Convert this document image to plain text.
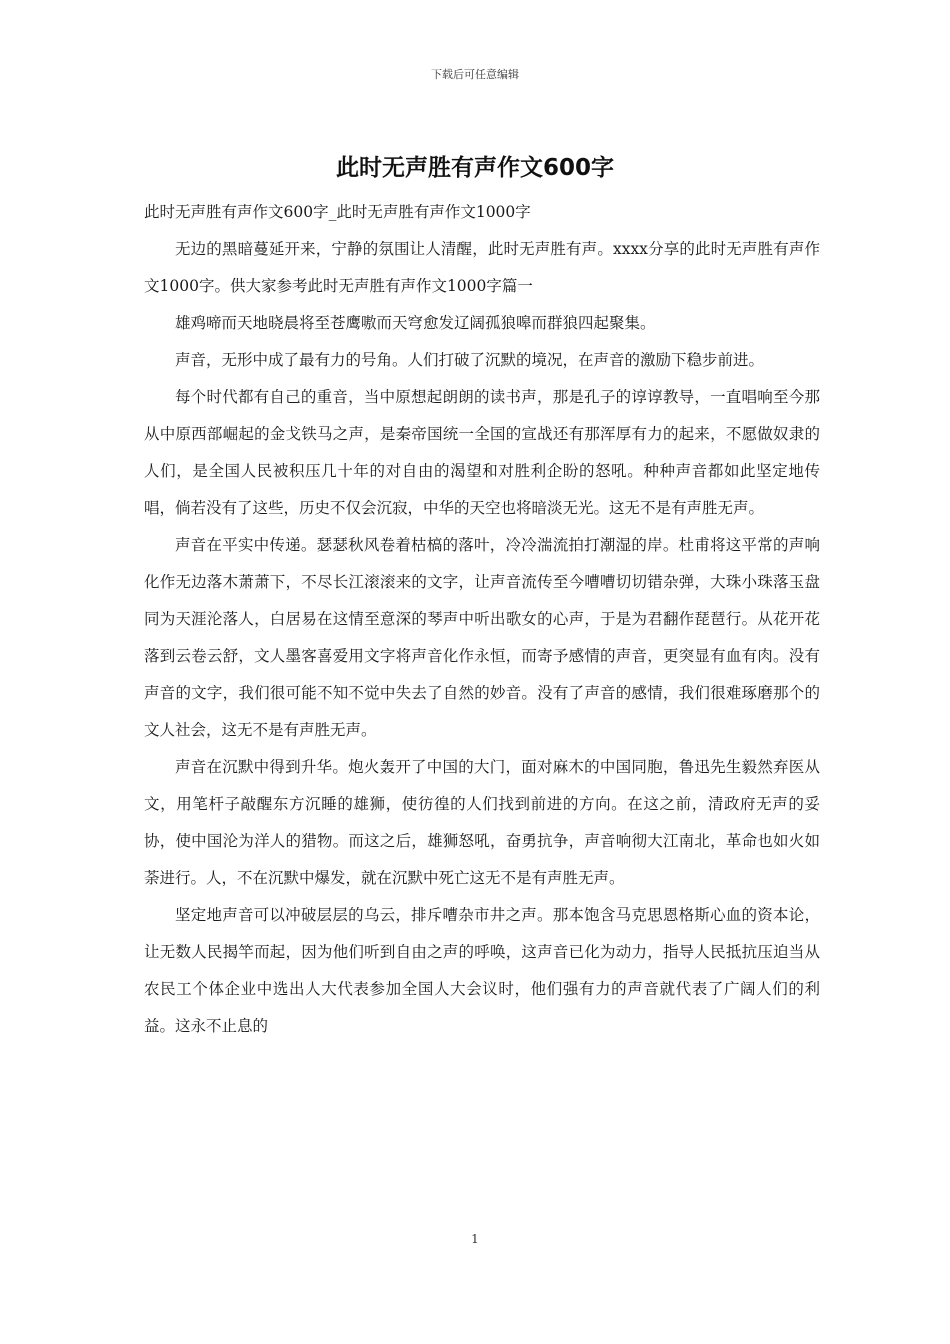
下载后可任意编辑
此时无声胜有声作文600字

此时无声胜有声作文600字_此时无声胜有声作文1000字

无边的黑暗蔓延开来，宁静的氛围让人清醒，此时无声胜有声。xxxx分享的此时无声胜有声作文1000字。供大家参考此时无声胜有声作文1000字篇一

雄鸡啼而天地晓晨将至苍鹰嗷而天穹愈发辽阔孤狼嗥而群狼四起聚集。

声音，无形中成了最有力的号角。人们打破了沉默的境况，在声音的激励下稳步前进。

每个时代都有自己的重音，当中原想起朗朗的读书声，那是孔子的谆谆教导，一直唱响至今那从中原西部崛起的金戈铁马之声，是秦帝国统一全国的宣战还有那浑厚有力的起来，不愿做奴隶的人们，是全国人民被积压几十年的对自由的渴望和对胜利企盼的怒吼。种种声音都如此坚定地传唱，倘若没有了这些，历史不仅会沉寂，中华的天空也将暗淡无光。这无不是有声胜无声。

声音在平实中传递。瑟瑟秋风卷着枯槁的落叶，冷冷湍流拍打潮湿的岸。杜甫将这平常的声响化作无边落木萧萧下，不尽长江滚滚来的文字，让声音流传至今嘈嘈切切错杂弹，大珠小珠落玉盘同为天涯沦落人，白居易在这情至意深的琴声中听出歌女的心声，于是为君翻作琵琶行。从花开花落到云卷云舒，文人墨客喜爱用文字将声音化作永恒，而寄予感情的声音，更突显有血有肉。没有声音的文字，我们很可能不知不觉中失去了自然的妙音。没有了声音的感情，我们很难琢磨那个的文人社会，这无不是有声胜无声。

声音在沉默中得到升华。炮火轰开了中国的大门，面对麻木的中国同胞，鲁迅先生毅然弃医从文，用笔杆子敲醒东方沉睡的雄狮，使彷徨的人们找到前进的方向。在这之前，清政府无声的妥协，使中国沦为洋人的猎物。而这之后，雄狮怒吼，奋勇抗争，声音响彻大江南北，革命也如火如荼进行。人，不在沉默中爆发，就在沉默中死亡这无不是有声胜无声。

坚定地声音可以冲破层层的乌云，排斥嘈杂市井之声。那本饱含马克思恩格斯心血的资本论，让无数人民揭竿而起，因为他们听到自由之声的呼唤，这声音已化为动力，指导人民抵抗压迫当从农民工个体企业中选出人大代表参加全国人大会议时，他们强有力的声音就代表了广阔人们的利益。这永不止息的

1
